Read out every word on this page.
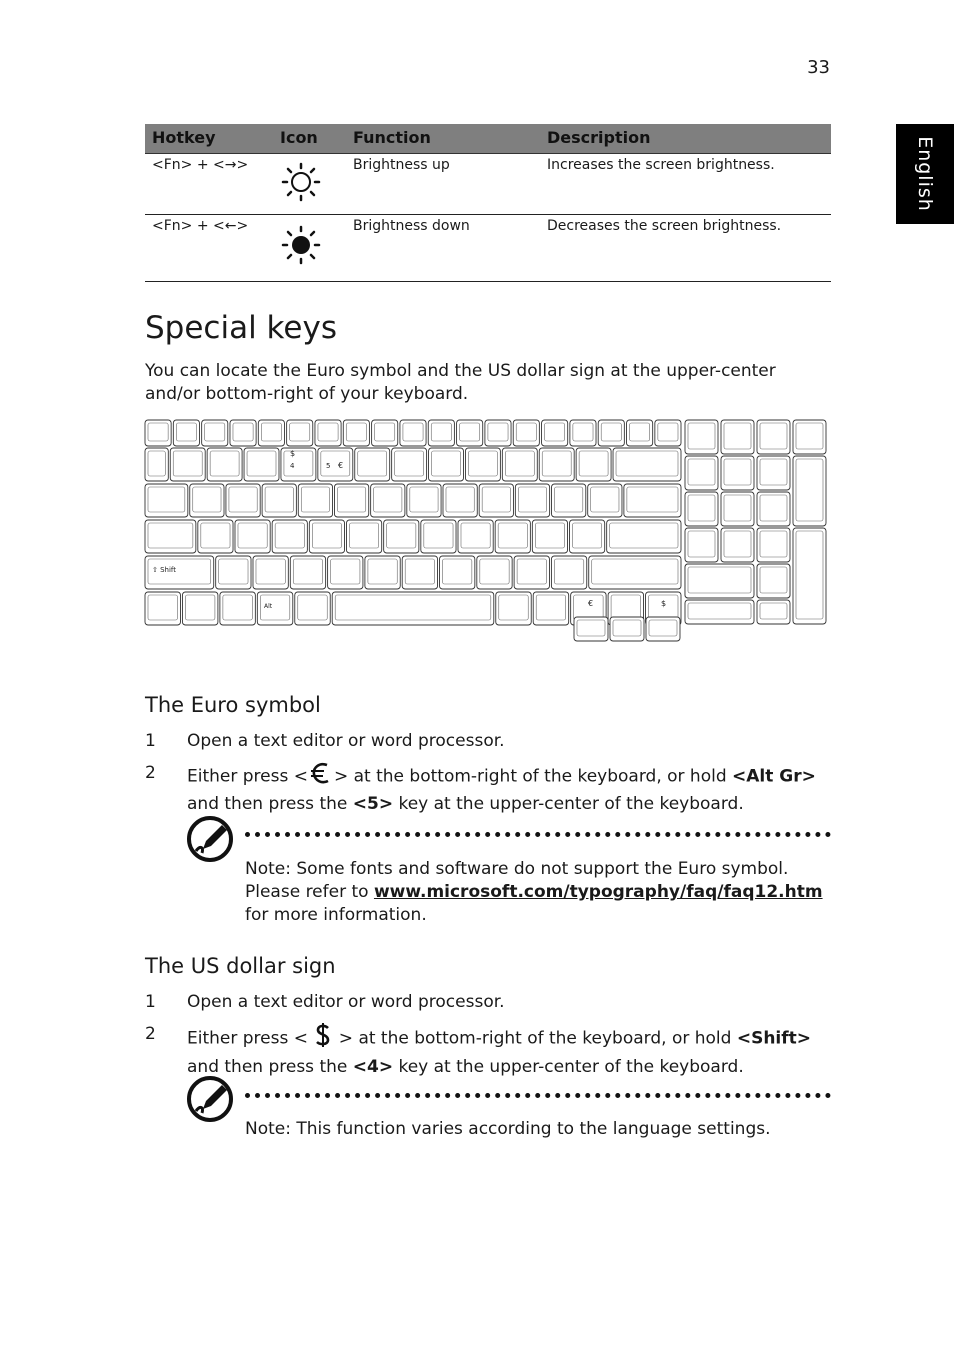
33
English
Hotkey	Icon Function	Description
<Fn> + <→>	Brightness up	Increases the screen brightness.
<Fn> + <←>	Brightness down	Decreases the screen brightness.
Special keys
You can locate the Euro symbol and the US dollar sign at the upper-center and/or bottom-right of your keyboard.
$
4	5 €
⇧ Shift
Alt	€	$
The Euro symbol
1 Open a text editor or word processor.
2 Either press < > at the bottom-right of the keyboard, or hold <Alt Gr>
and then press the <5> key at the upper-center of the keyboard.
Note: Some fonts and software do not support the Euro symbol. Please refer to www.microsoft.com/typography/faq/faq12.htm for more information.
The US dollar sign
1 Open a text editor or word processor.
2 Either press <  > at the bottom-right of the keyboard, or hold <Shift>
and then press the <4> key at the upper-center of the keyboard.
Note: This function varies according to the language settings.
